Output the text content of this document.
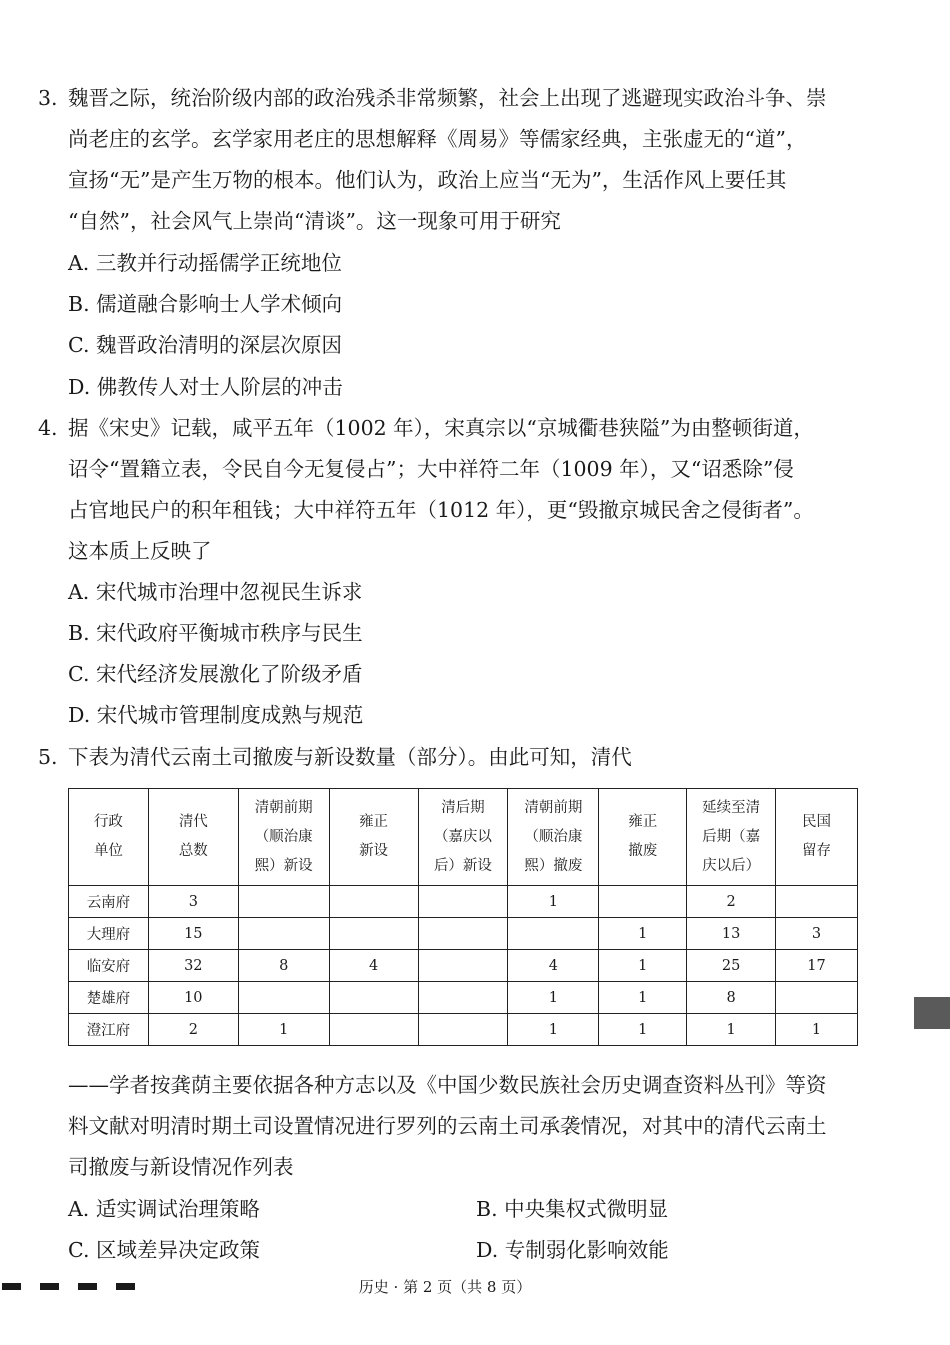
3. 魏晋之际，统治阶级内部的政治残杀非常频繁，社会上出现了逃避现实政治斗争、崇
尚老庄的玄学。玄学家用老庄的思想解释《周易》等儒家经典，主张虚无的“道”，
宣扬“无”是产生万物的根本。他们认为，政治上应当“无为”，生活作风上要任其
“自然”，社会风气上崇尚“清谈”。这一现象可用于研究
A. 三教并行动摇儒学正统地位
B. 儒道融合影响士人学术倾向
C. 魏晋政治清明的深层次原因
D. 佛教传人对士人阶层的冲击
4. 据《宋史》记载，咸平五年（1002 年），宋真宗以“京城衢巷狭隘”为由整顿街道，
诏令“置籍立表，令民自今无复侵占”；大中祥符二年（1009 年），又“诏悉除”侵
占官地民户的积年租钱；大中祥符五年（1012 年），更“毁撤京城民舍之侵街者”。
这本质上反映了
A. 宋代城市治理中忽视民生诉求
B. 宋代政府平衡城市秩序与民生
C. 宋代经济发展激化了阶级矛盾
D. 宋代城市管理制度成熟与规范
5. 下表为清代云南土司撤废与新设数量（部分）。由此可知，清代
行政
单位	清代
总数	清朝前期
（顺治康
熙）新设	雍正
新设	清后期
（嘉庆以
后）新设	清朝前期
（顺治康
熙）撤废	雍正
撤废	延续至清
后期（嘉
庆以后）	民国
留存
云南府	3				1		2	
大理府	15					1	13	3
临安府	32	8	4		4	1	25	17
楚雄府	10				1	1	8	
澄江府	2	1			1	1	1	1
——学者按龚荫主要依据各种方志以及《中国少数民族社会历史调查资料丛刊》等资
料文献对明清时期土司设置情况进行罗列的云南土司承袭情况，对其中的清代云南土
司撤废与新设情况作列表
A. 适实调试治理策略	B. 中央集权式微明显
C. 区域差异决定政策	D. 专制弱化影响效能
历史 · 第 2 页（共 8 页）
